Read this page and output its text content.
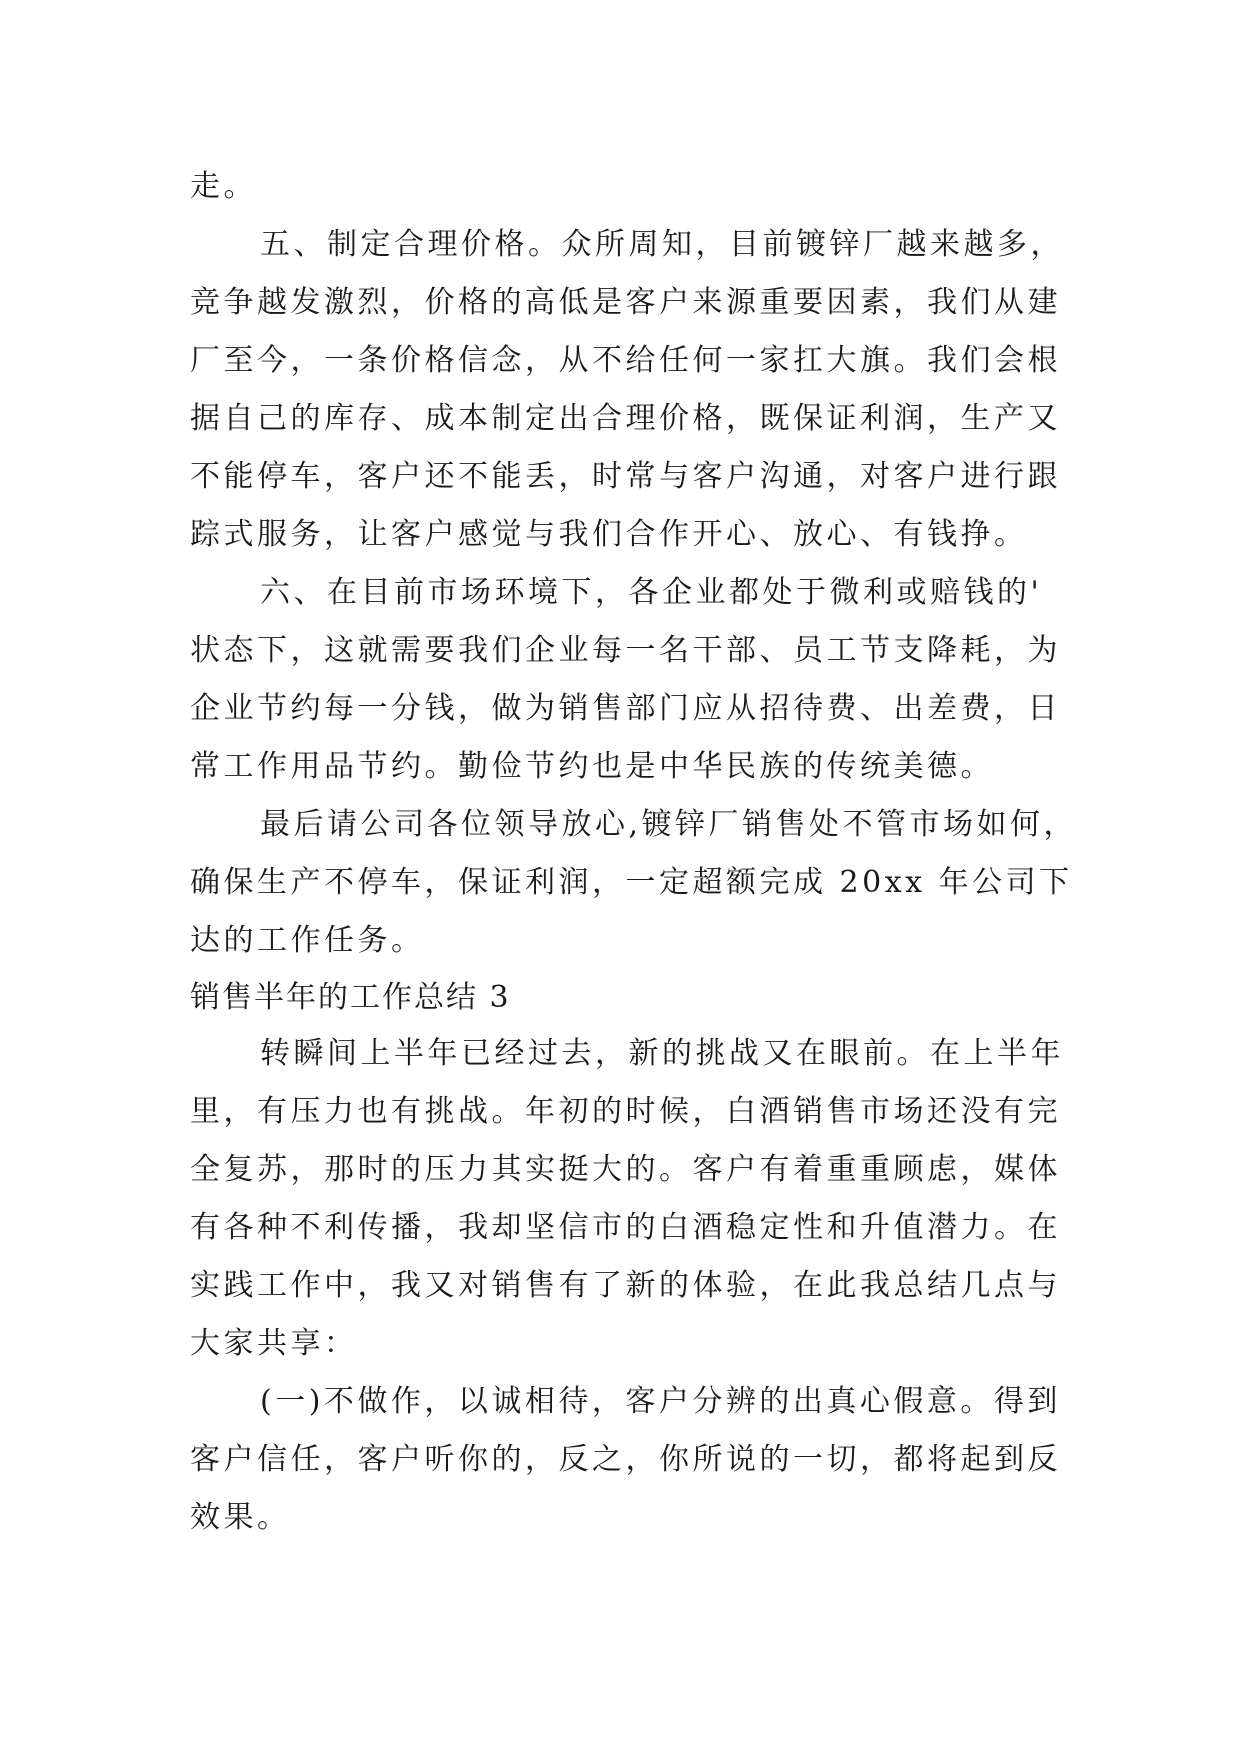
走。
五、制定合理价格。众所周知，目前镀锌厂越来越多，
竞争越发激烈，价格的高低是客户来源重要因素，我们从建
厂至今，一条价格信念，从不给任何一家扛大旗。我们会根
据自己的库存、成本制定出合理价格，既保证利润，生产又
不能停车，客户还不能丢，时常与客户沟通，对客户进行跟
踪式服务，让客户感觉与我们合作开心、放心、有钱挣。
六、在目前市场环境下，各企业都处于微利或赔钱的'
状态下，这就需要我们企业每一名干部、员工节支降耗，为
企业节约每一分钱，做为销售部门应从招待费、出差费，日
常工作用品节约。勤俭节约也是中华民族的传统美德。
最后请公司各位领导放心,镀锌厂销售处不管市场如何，
确保生产不停车，保证利润，一定超额完成 20xx 年公司下
达的工作任务。
销售半年的工作总结 3
转瞬间上半年已经过去，新的挑战又在眼前。在上半年
里，有压力也有挑战。年初的时候，白酒销售市场还没有完
全复苏，那时的压力其实挺大的。客户有着重重顾虑，媒体
有各种不利传播，我却坚信市的白酒稳定性和升值潜力。在
实践工作中，我又对销售有了新的体验，在此我总结几点与
大家共享：
(一)不做作，以诚相待，客户分辨的出真心假意。得到
客户信任，客户听你的，反之，你所说的一切，都将起到反
效果。
